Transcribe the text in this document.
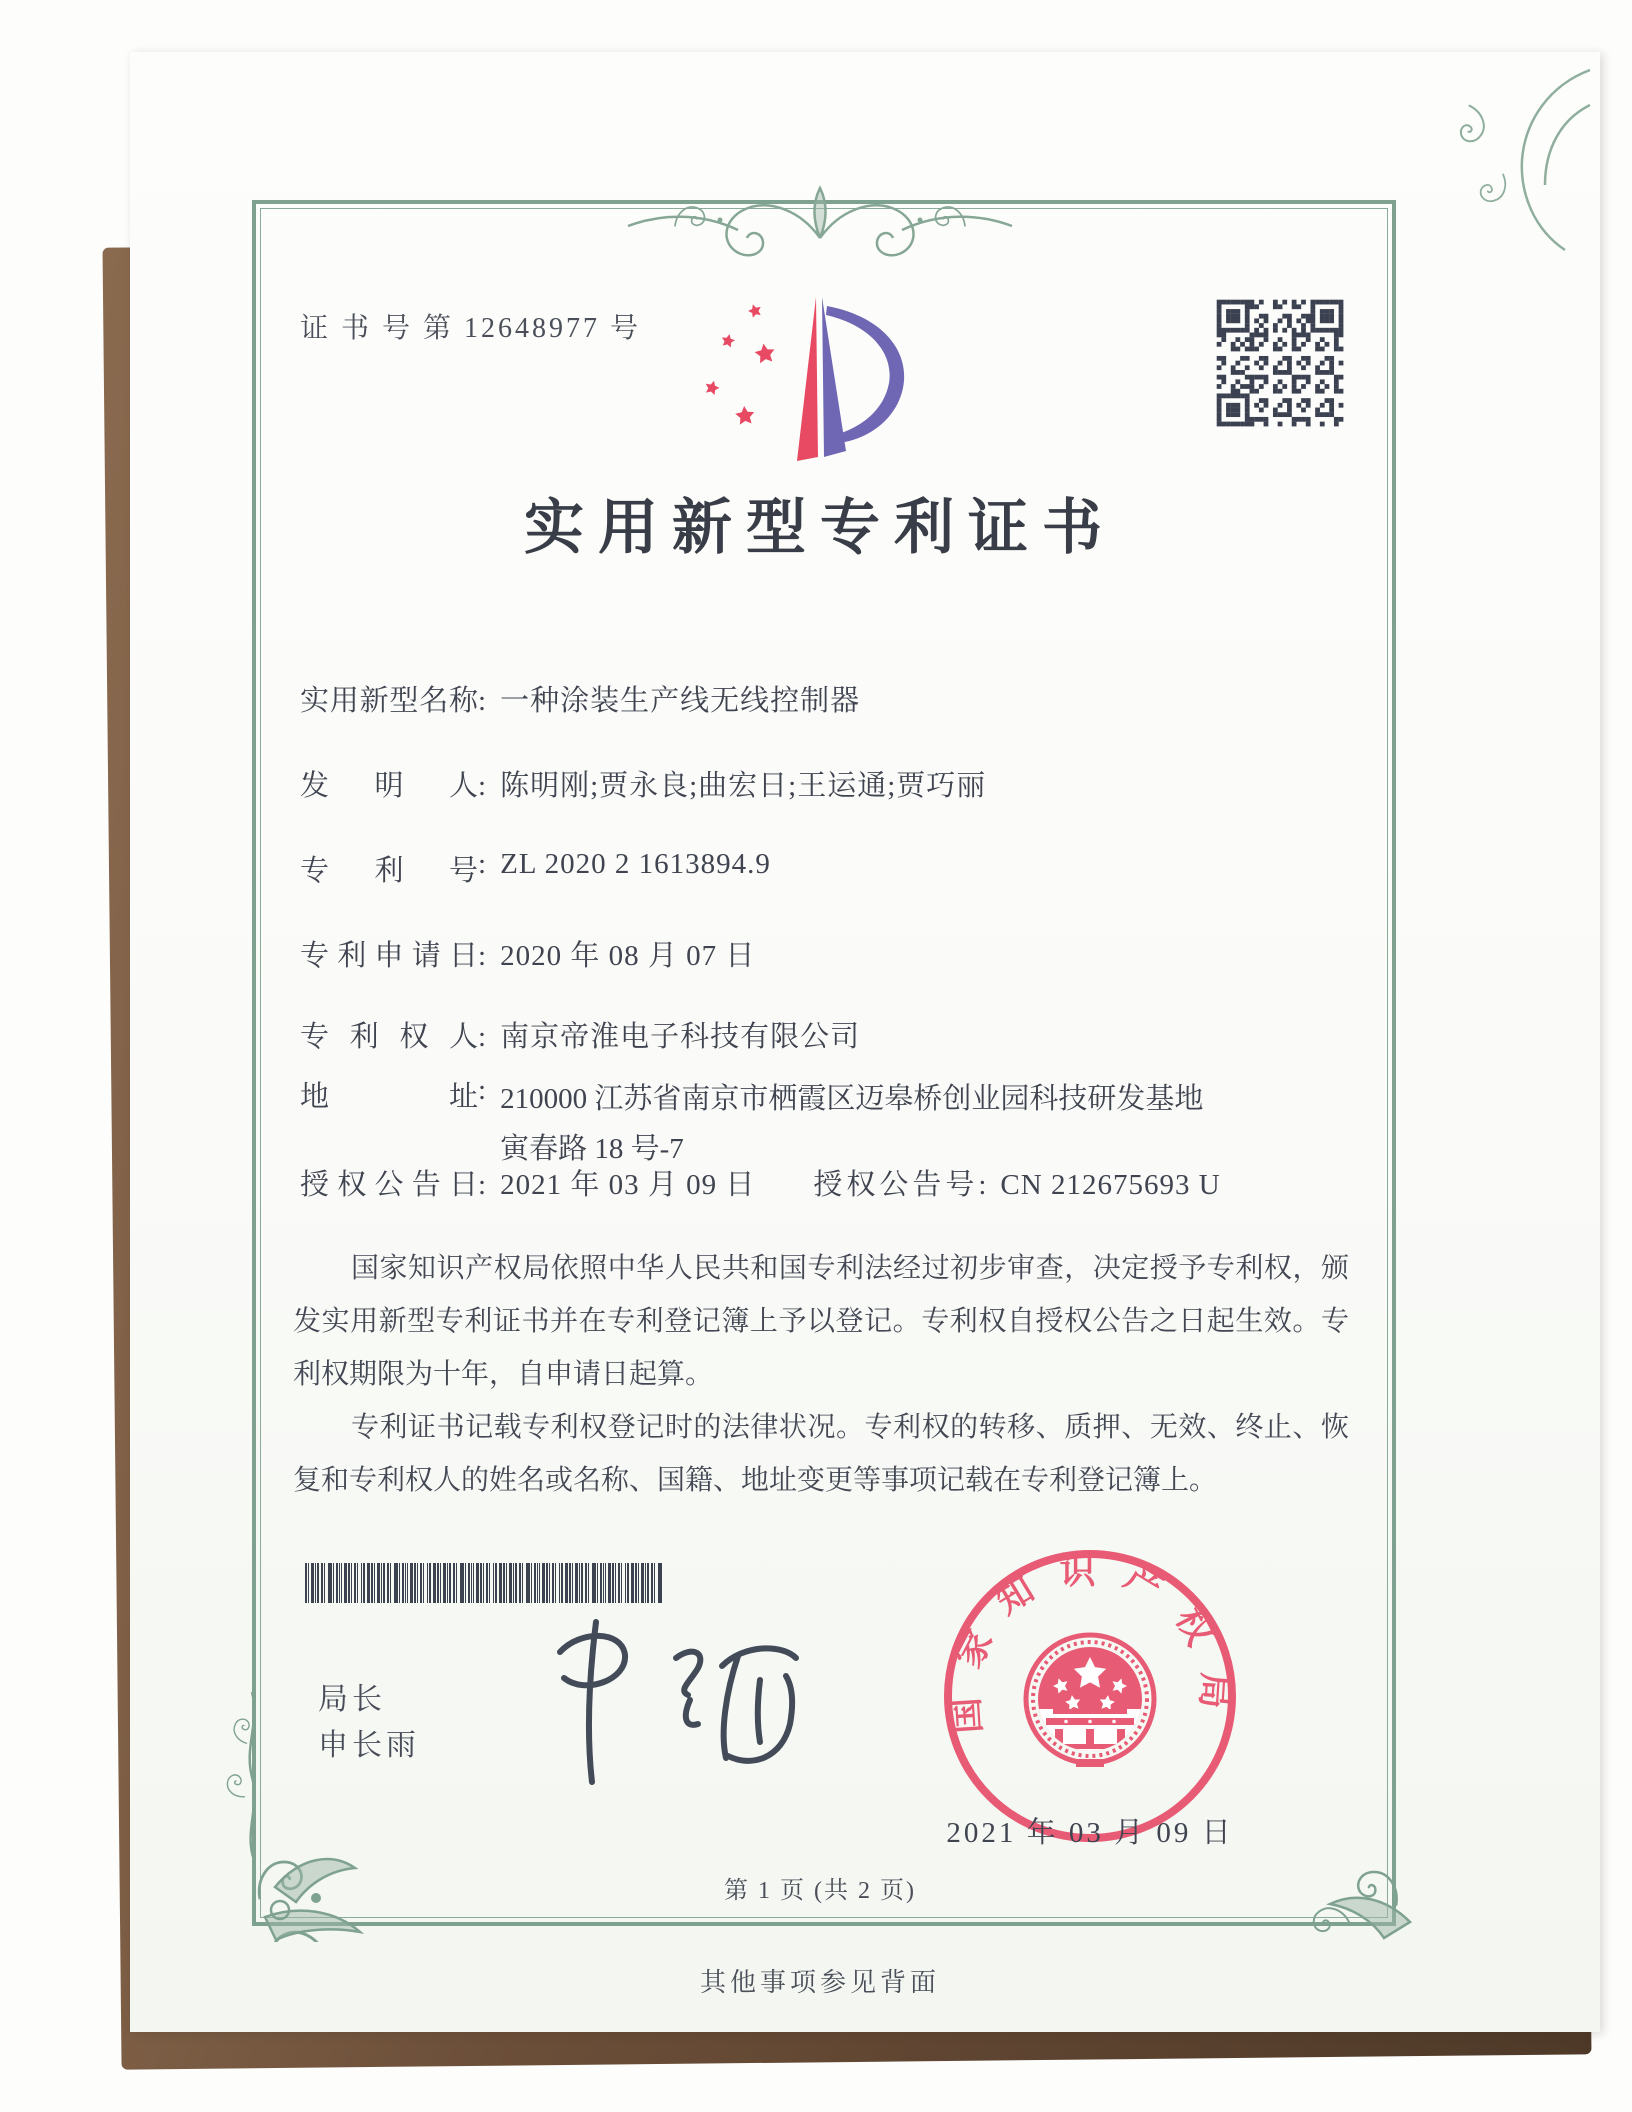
证 书 号 第 12648977 号
实用新型专利证书
实用新型名称: 一种涂装生产线无线控制器
发明人: 陈明刚;贾永良;曲宏日;王运通;贾巧丽
专利号: ZL 2020 2 1613894.9
专利申请日: 2020 年 08 月 07 日
专利权人: 南京帝淮电子科技有限公司
地址: 210000 江苏省南京市栖霞区迈皋桥创业园科技研发基地
寅春路 18 号-7
授权公告日: 2021 年 03 月 09 日 授权公告号: CN 212675693 U

国家知识产权局依照中华人民共和国专利法经过初步审查，决定授予专利权，颁发实用新型专利证书并在专利登记簿上予以登记。专利权自授权公告之日起生效。专利权期限为十年，自申请日起算。

专利证书记载专利权登记时的法律状况。专利权的转移、质押、无效、终止、恢复和专利权人的姓名或名称、国籍、地址变更等事项记载在专利登记簿上。

局长
申长雨
国家知识产权局
2021 年 03 月 09 日
第 1 页 (共 2 页)
其他事项参见背面
